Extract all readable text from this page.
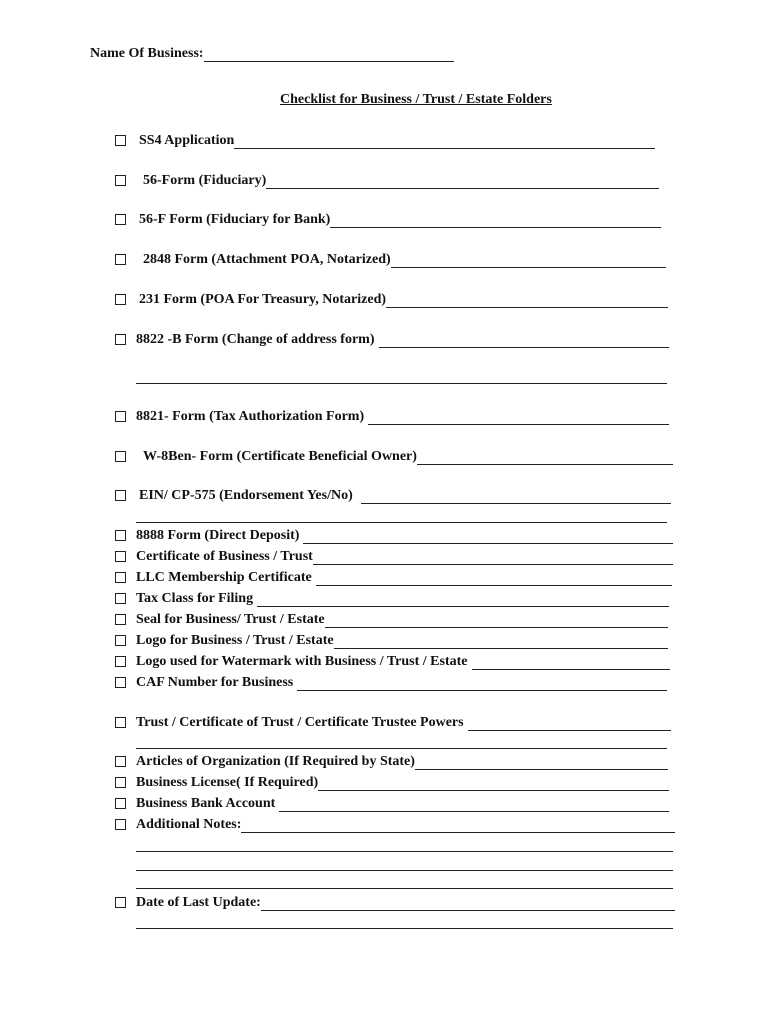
Name Of Business:
Checklist for Business / Trust / Estate Folders
SS4 Application
56-Form (Fiduciary)
56-F Form (Fiduciary for Bank)
2848 Form (Attachment POA, Notarized)
231 Form (POA For Treasury, Notarized)
8822 -B Form (Change of address form)
8821- Form (Tax Authorization Form)
W-8Ben- Form (Certificate Beneficial Owner)
EIN/ CP-575 (Endorsement Yes/No)
8888 Form (Direct Deposit)
Certificate of Business / Trust
LLC Membership Certificate
Tax Class for Filing
Seal for Business/ Trust / Estate
Logo for Business / Trust / Estate
Logo used for Watermark with Business / Trust / Estate
CAF Number for Business
Trust / Certificate of Trust / Certificate Trustee Powers
Articles of Organization (If Required by State)
Business License( If Required)
Business Bank Account
Additional Notes:
Date of Last Update:
